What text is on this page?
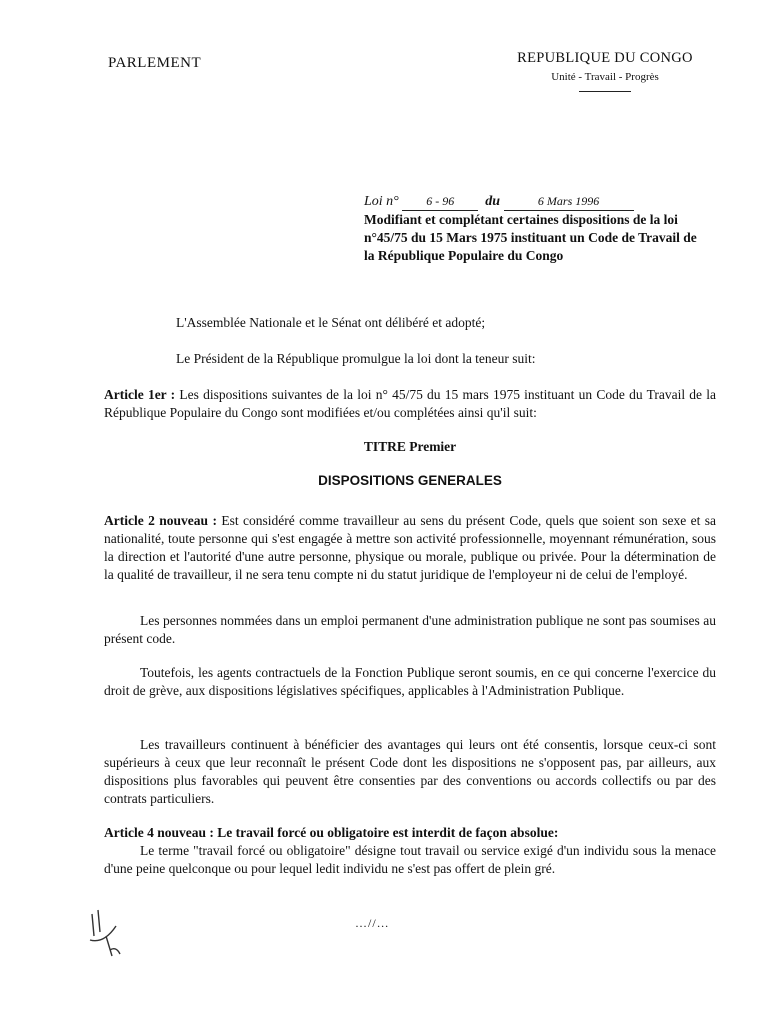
PARLEMENT	REPUBLIQUE DU CONGO
Unité - Travail - Progrès
Loi n° 6 - 96 du	6 Mars 1996
Modifiant et complétant certaines dispositions de la loi n°45/75 du 15 Mars 1975 instituant un Code de Travail de la République Populaire du Congo
L'Assemblée Nationale et le Sénat ont délibéré et adopté;
Le Président de la République promulgue la loi dont la teneur suit:
Article 1er : Les dispositions suivantes de la loi n° 45/75 du 15 mars 1975 instituant un Code du Travail de la République Populaire du Congo sont modifiées et/ou complétées ainsi qu'il suit:
TITRE Premier
DISPOSITIONS GENERALES
Article 2 nouveau : Est considéré comme travailleur au sens du présent Code, quels que soient son sexe et sa nationalité, toute personne qui s'est engagée à mettre son activité professionnelle, moyennant rémunération, sous la direction et l'autorité d'une autre personne, physique ou morale, publique ou privée. Pour la détermination de la qualité de travailleur, il ne sera tenu compte ni du statut juridique de l'employeur ni de celui de l'employé.
Les personnes nommées dans un emploi permanent d'une administration publique ne sont pas soumises au présent code.
Toutefois, les agents contractuels de la Fonction Publique seront soumis, en ce qui concerne l'exercice du droit de grève, aux dispositions législatives spécifiques, applicables à l'Administration Publique.
Les travailleurs continuent à bénéficier des avantages qui leurs ont été consentis, lorsque ceux-ci sont supérieurs à ceux que leur reconnaît le présent Code dont les dispositions ne s'opposent pas, par ailleurs, aux dispositions plus favorables qui peuvent être consenties par des conventions ou accords collectifs ou par des contrats particuliers.
Article 4 nouveau : Le travail forcé ou obligatoire est interdit de façon absolue:
Le terme "travail forcé ou obligatoire" désigne tout travail ou service exigé d'un individu sous la menace d'une peine quelconque ou pour lequel ledit individu ne s'est pas offert de plein gré.
…//…
